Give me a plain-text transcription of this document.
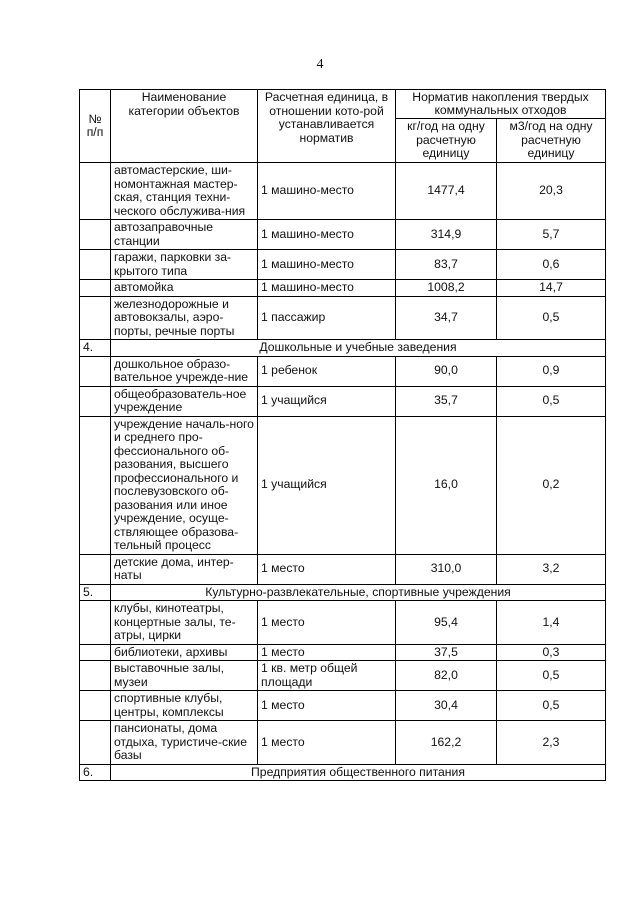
4
№ п/п	Наименование категории объектов	Расчетная единица, в отношении кото-рой устанавливается норматив	Норматив накопления твердых коммунальных отходов	
			кг/год на одну расчетную единицу	м3/год на одну расчетную единицу
	автомастерские, ши-номонтажная мастер-ская, станция техни-ческого обслужива-ния	1 машино-место	1477,4	20,3
	автозаправочные станции	1 машино-место	314,9	5,7
	гаражи, парковки за-крытого типа	1 машино-место	83,7	0,6
	автомойка	1 машино-место	1008,2	14,7
	железнодорожные и автовокзалы, аэро-порты, речные порты	1 пассажир	34,7	0,5
4.	Дошкольные и учебные заведения			
	дошкольное образо-вательное учрежде-ние	1 ребенок	90,0	0,9
	общеобразователь-ное учреждение	1 учащийся	35,7	0,5
	учреждение началь-ного и среднего про-фессионального об-разования, высшего профессионального и послевузовского об-разования или иное учреждение, осуще-ствляющее образова-тельный процесс	1 учащийся	16,0	0,2
	детские дома, интер-наты	1 место	310,0	3,2
5.	Культурно-развлекательные, спортивные учреждения			
	клубы, кинотеатры, концертные залы, те-атры, цирки	1 место	95,4	1,4
	библиотеки, архивы	1 место	37,5	0,3
	выставочные залы, музеи	1 кв. метр общей площади	82,0	0,5
	спортивные клубы, центры, комплексы	1 место	30,4	0,5
	пансионаты, дома отдыха, туристиче-ские базы	1 место	162,2	2,3
6.	Предприятия общественного питания			
